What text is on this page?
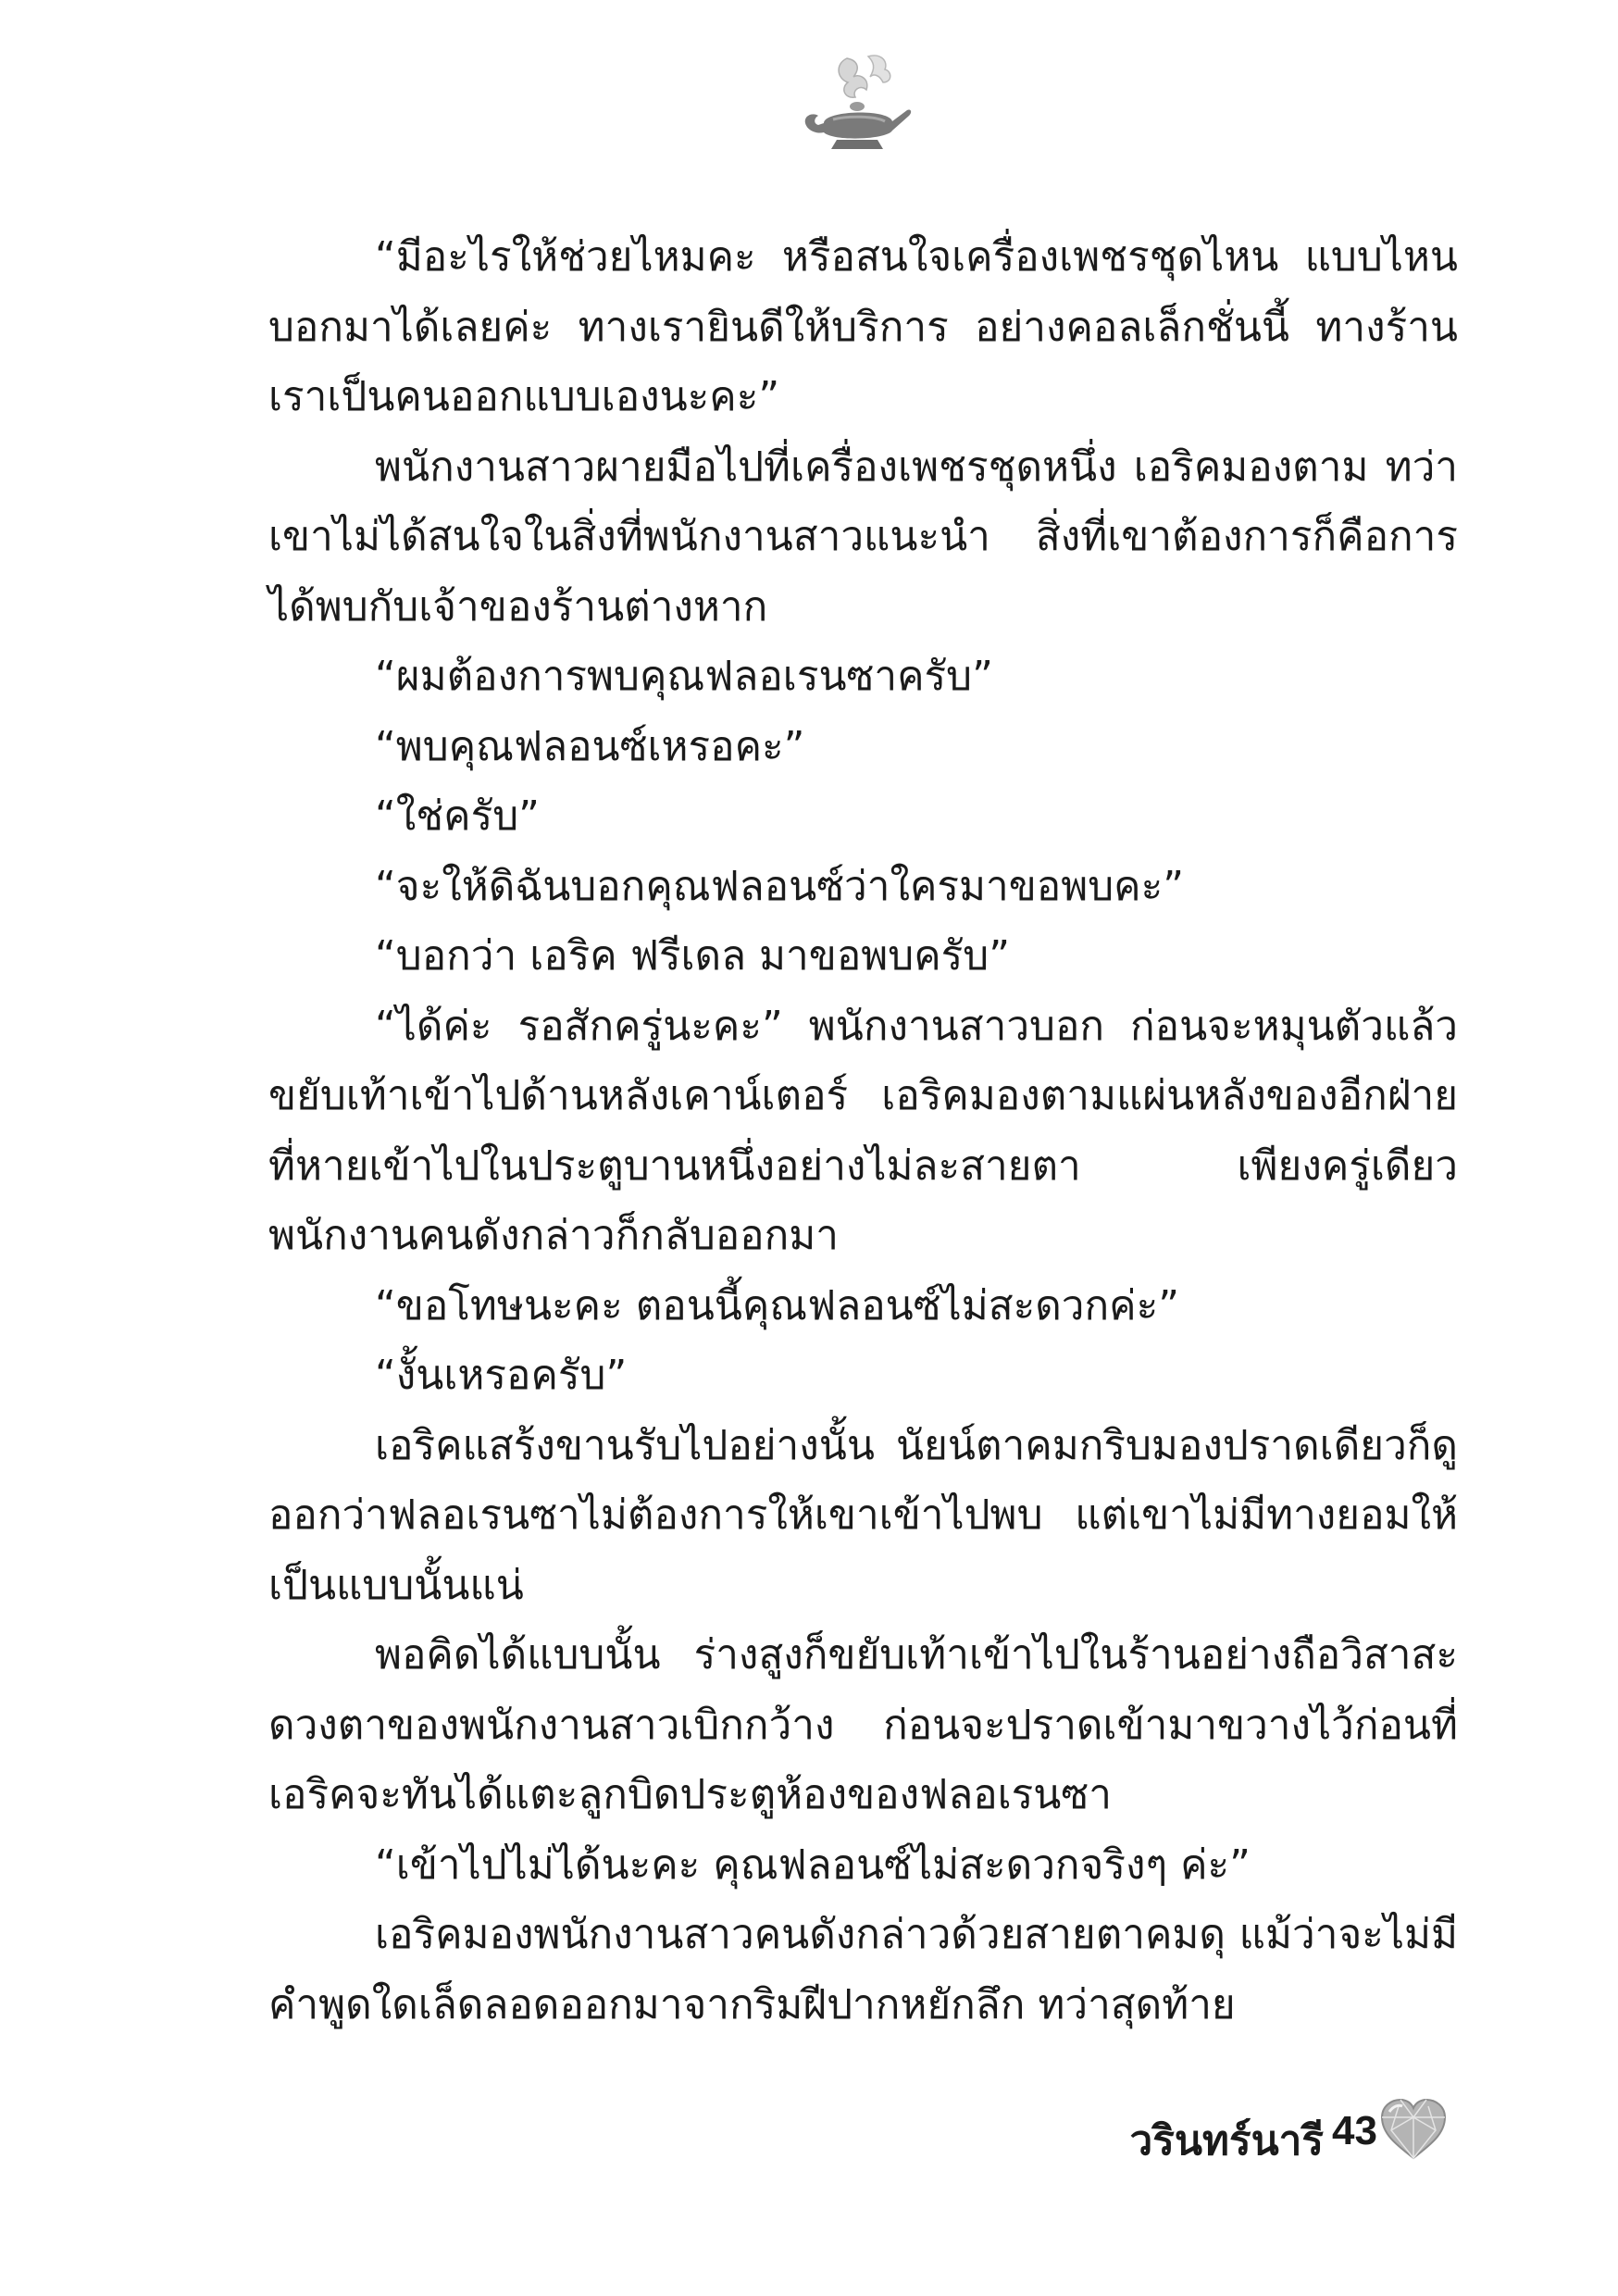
“มีอะไรให้ช่วยไหมคะ หรือสนใจเครื่องเพชรชุดไหน แบบไหน บอกมาได้เลยค่ะ ทางเรายินดีให้บริการ อย่างคอลเล็กชั่นนี้ ทางร้านเราเป็นคนออกแบบเองนะคะ”

พนักงานสาวผายมือไปที่เครื่องเพชรชุดหนึ่ง เอริคมองตาม ทว่าเขาไม่ได้สนใจในสิ่งที่พนักงานสาวแนะนำ สิ่งที่เขาต้องการก็คือการได้พบกับเจ้าของร้านต่างหาก

“ผมต้องการพบคุณฟลอเรนซาครับ”

“พบคุณฟลอนซ์เหรอคะ”

“ใช่ครับ”

“จะให้ดิฉันบอกคุณฟลอนซ์ว่าใครมาขอพบคะ”

“บอกว่า เอริค ฟรีเดล มาขอพบครับ”

“ได้ค่ะ รอสักครู่นะคะ” พนักงานสาวบอก ก่อนจะหมุนตัวแล้วขยับเท้าเข้าไปด้านหลังเคาน์เตอร์ เอริคมองตามแผ่นหลังของอีกฝ่ายที่หายเข้าไปในประตูบานหนึ่งอย่างไม่ละสายตา เพียงครู่เดียวพนักงานคนดังกล่าวก็กลับออกมา

“ขอโทษนะคะ ตอนนี้คุณฟลอนซ์ไม่สะดวกค่ะ”

“งั้นเหรอครับ”

เอริคแสร้งขานรับไปอย่างนั้น นัยน์ตาคมกริบมองปราดเดียวก็ดูออกว่าฟลอเรนซาไม่ต้องการให้เขาเข้าไปพบ แต่เขาไม่มีทางยอมให้เป็นแบบนั้นแน่

พอคิดได้แบบนั้น ร่างสูงก็ขยับเท้าเข้าไปในร้านอย่างถือวิสาสะ ดวงตาของพนักงานสาวเบิกกว้าง ก่อนจะปราดเข้ามาขวางไว้ก่อนที่เอริคจะทันได้แตะลูกบิดประตูห้องของฟลอเรนซา

“เข้าไปไม่ได้นะคะ คุณฟลอนซ์ไม่สะดวกจริงๆ ค่ะ”

เอริคมองพนักงานสาวคนดังกล่าวด้วยสายตาคมดุ แม้ว่าจะไม่มีคำพูดใดเล็ดลอดออกมาจากริมฝีปากหยักลึก ทว่าสุดท้าย

วรินทร์นารี 43
